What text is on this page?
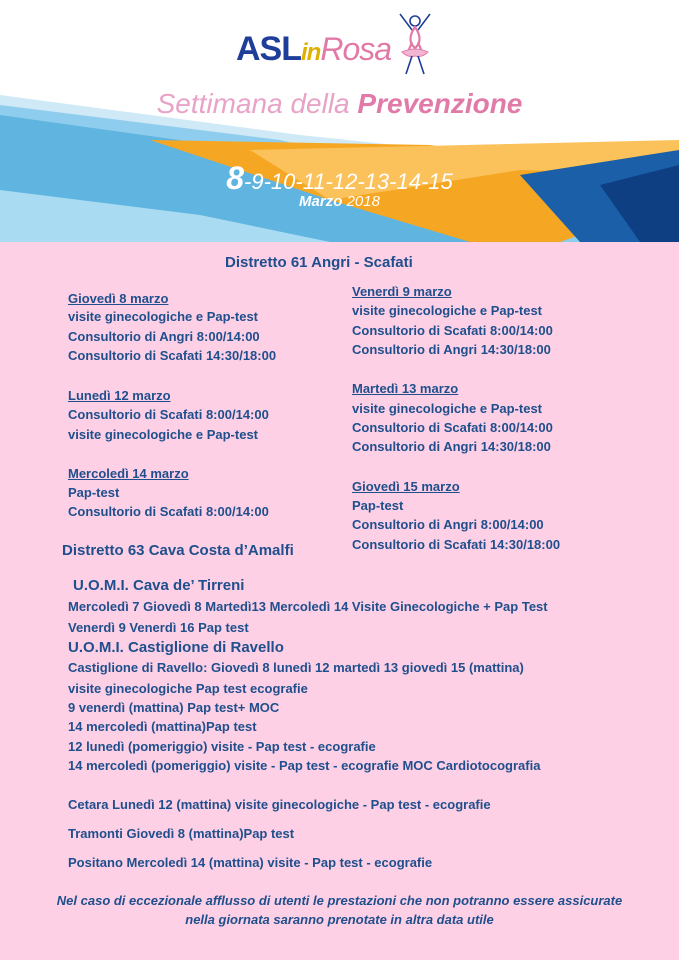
ASLinRosa
Settimana della Prevenzione
8-9-10-11-12-13-14-15
Marzo 2018
Distretto 61 Angri - Scafati
Giovedì 8 marzo
visite ginecologiche e Pap-test
Consultorio di Angri 8:00/14:00
Consultorio di Scafati 14:30/18:00
Lunedì 12 marzo
Consultorio di Scafati 8:00/14:00
visite ginecologiche e Pap-test
Mercoledì 14 marzo
Pap-test
Consultorio di Scafati 8:00/14:00
Venerdì 9 marzo
visite ginecologiche e Pap-test
Consultorio di Scafati 8:00/14:00
Consultorio di Angri 14:30/18:00
Martedì 13 marzo
visite ginecologiche e Pap-test
Consultorio di Scafati 8:00/14:00
Consultorio di Angri 14:30/18:00
Giovedì 15 marzo
Pap-test
Consultorio di Angri 8:00/14:00
Consultorio di Scafati 14:30/18:00
Distretto 63 Cava Costa d’Amalfi
U.O.M.I. Cava de’ Tirreni
Mercoledì 7 Giovedì 8 Martedì13 Mercoledì 14 Visite Ginecologiche + Pap Test
Venerdì 9 Venerdì 16 Pap test
U.O.M.I. Castiglione di Ravello
Castiglione di Ravello: Giovedì 8 lunedì 12 martedì 13 giovedì 15 (mattina)
visite ginecologiche Pap test ecografie
9 venerdì (mattina) Pap test+ MOC
14 mercoledì (mattina)Pap test
12 lunedì (pomeriggio) visite - Pap test - ecografie
14 mercoledì (pomeriggio) visite - Pap test - ecografie MOC Cardiotocografia
Cetara Lunedì 12 (mattina) visite ginecologiche - Pap test - ecografie
Tramonti Giovedì 8 (mattina)Pap test
Positano Mercoledì 14 (mattina) visite - Pap test - ecografie
Nel caso di eccezionale afflusso di utenti le prestazioni che non potranno essere assicurate
nella giornata saranno prenotate in altra data utile
